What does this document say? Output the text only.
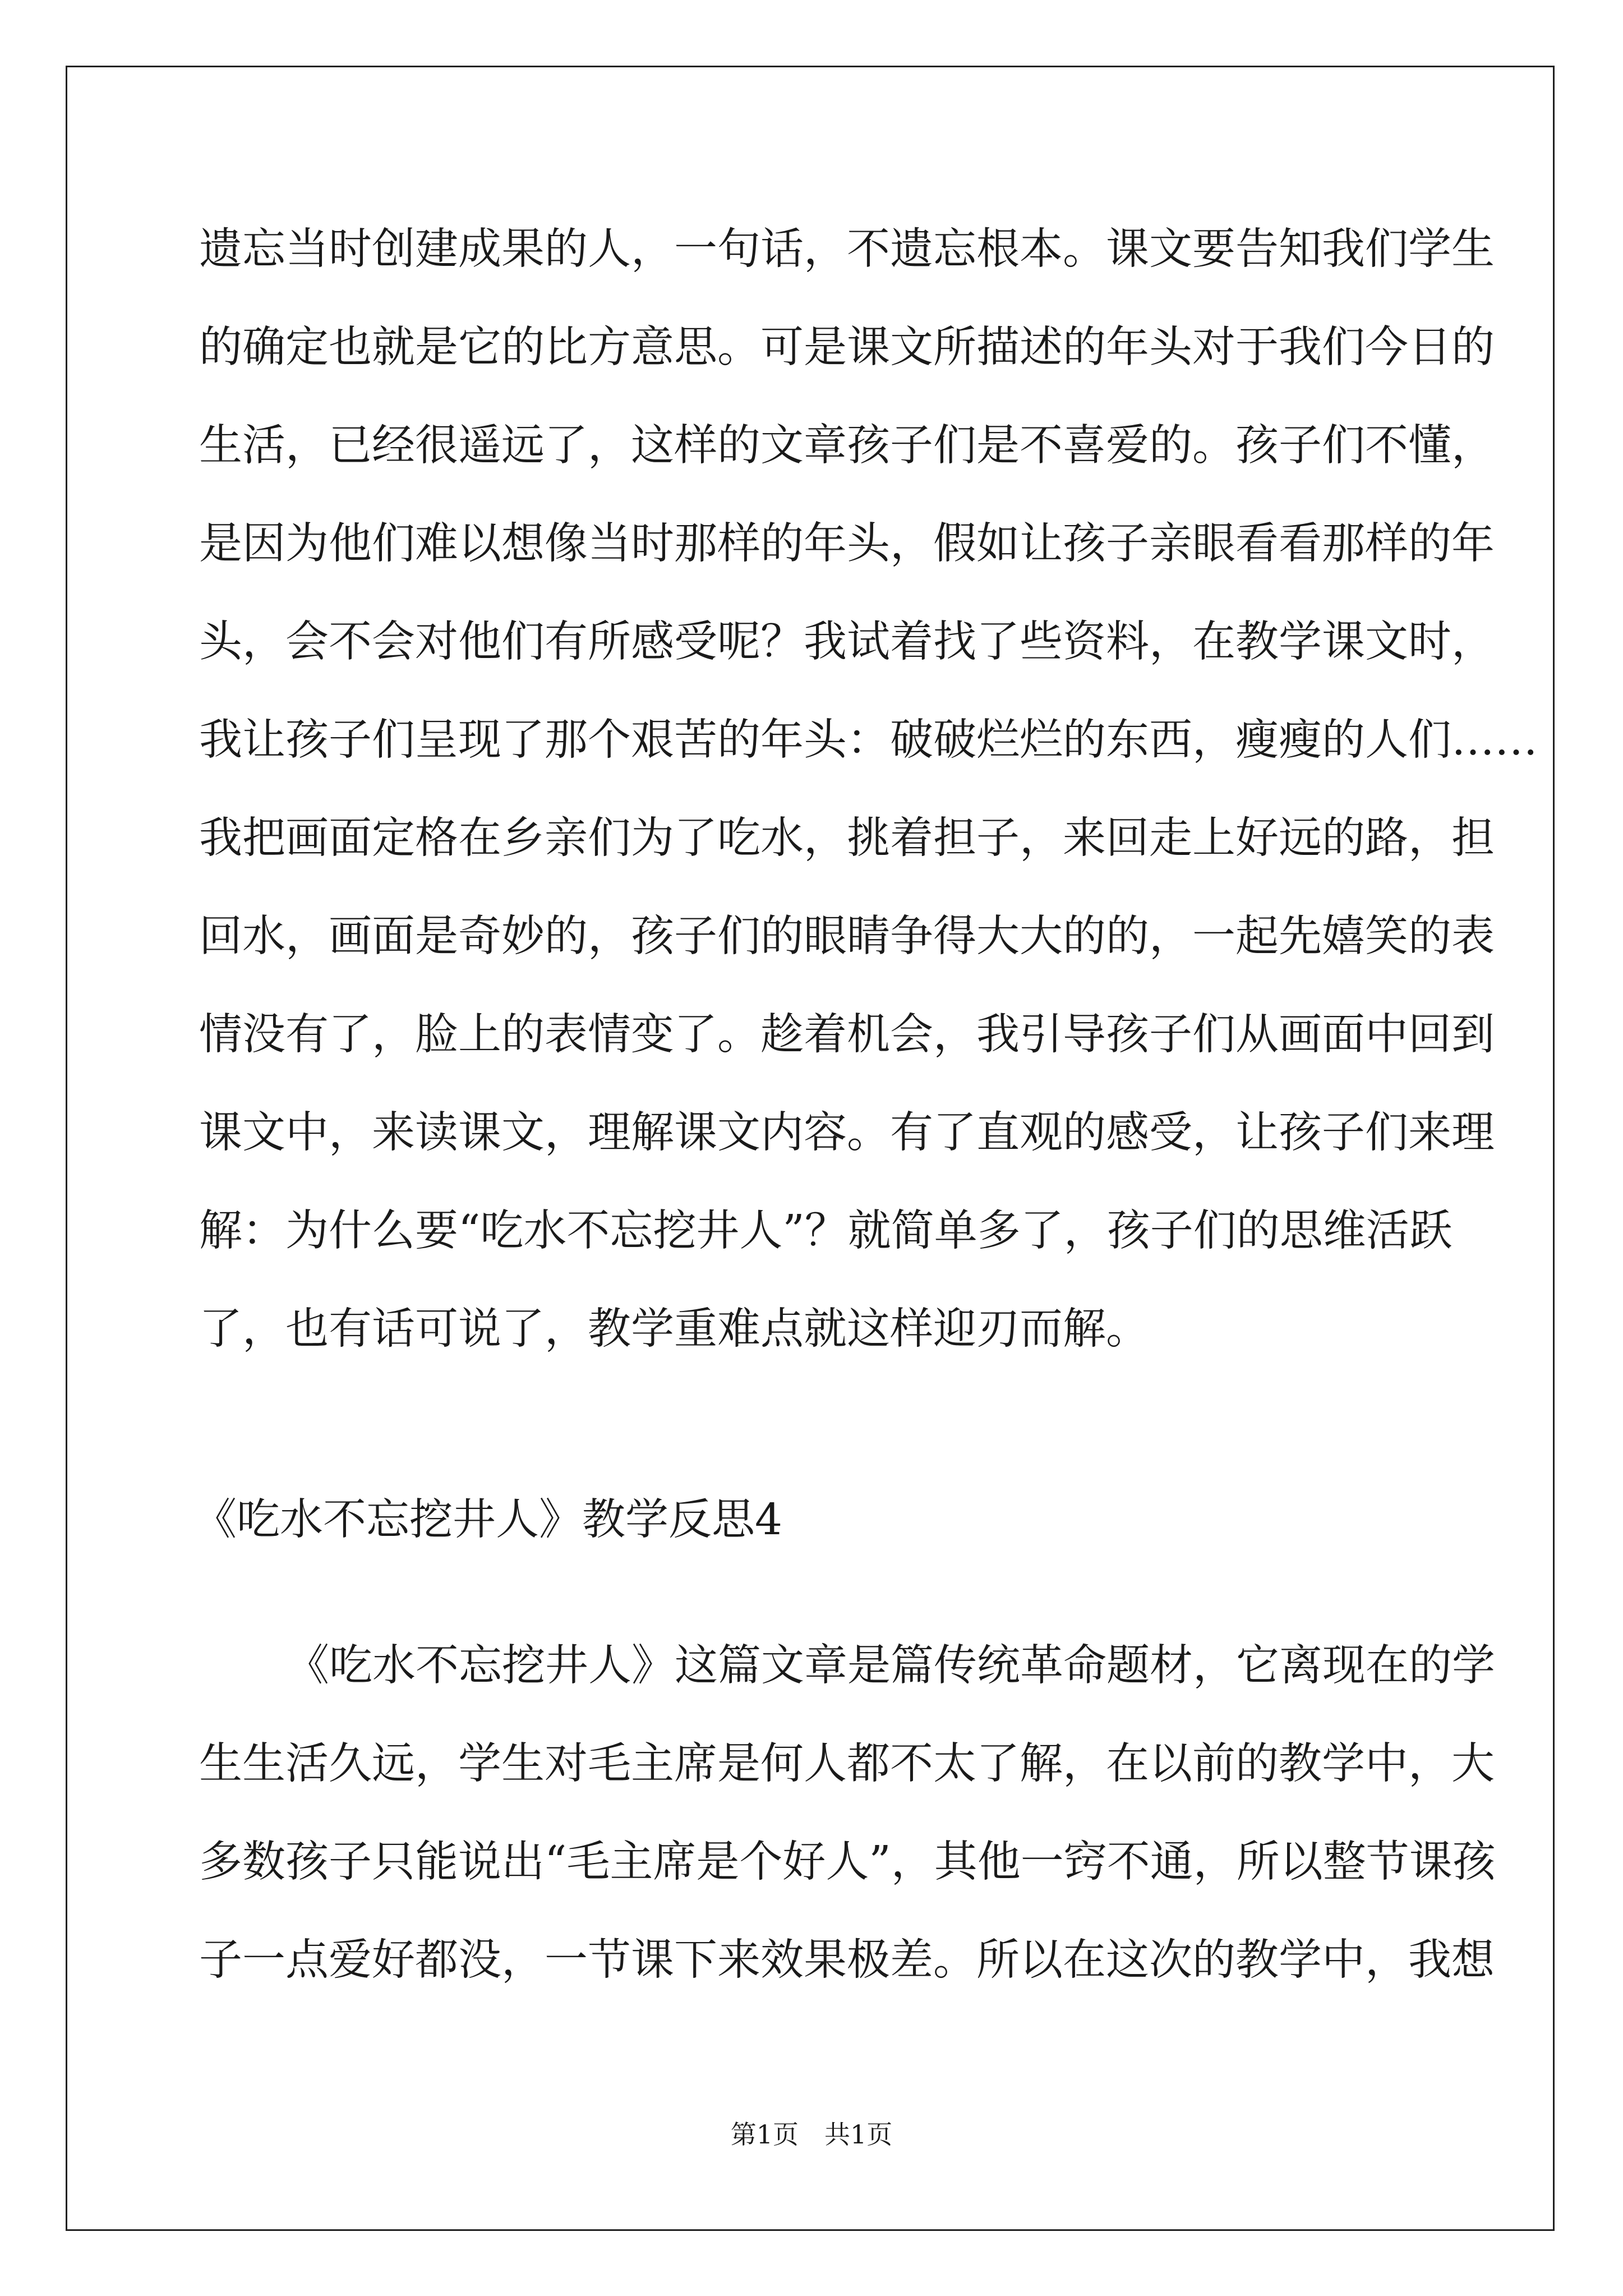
遗忘当时创建成果的人，一句话，不遗忘根本。课文要告知我们学生
的确定也就是它的比方意思。可是课文所描述的年头对于我们今日的
生活，已经很遥远了，这样的文章孩子们是不喜爱的。孩子们不懂，
是因为他们难以想像当时那样的年头，假如让孩子亲眼看看那样的年
头，会不会对他们有所感受呢？我试着找了些资料，在教学课文时，
我让孩子们呈现了那个艰苦的年头：破破烂烂的东西，瘦瘦的人们……
我把画面定格在乡亲们为了吃水，挑着担子，来回走上好远的路，担
回水，画面是奇妙的，孩子们的眼睛争得大大的的，一起先嬉笑的表
情没有了，脸上的表情变了。趁着机会，我引导孩子们从画面中回到
课文中，来读课文，理解课文内容。有了直观的感受，让孩子们来理
解：为什么要“吃水不忘挖井人”？就简单多了，孩子们的思维活跃
了，也有话可说了，教学重难点就这样迎刃而解。
《吃水不忘挖井人》教学反思4
《吃水不忘挖井人》这篇文章是篇传统革命题材，它离现在的学
生生活久远，学生对毛主席是何人都不太了解，在以前的教学中，大
多数孩子只能说出“毛主席是个好人”，其他一窍不通，所以整节课孩
子一点爱好都没，一节课下来效果极差。所以在这次的教学中，我想
第1页　共1页
